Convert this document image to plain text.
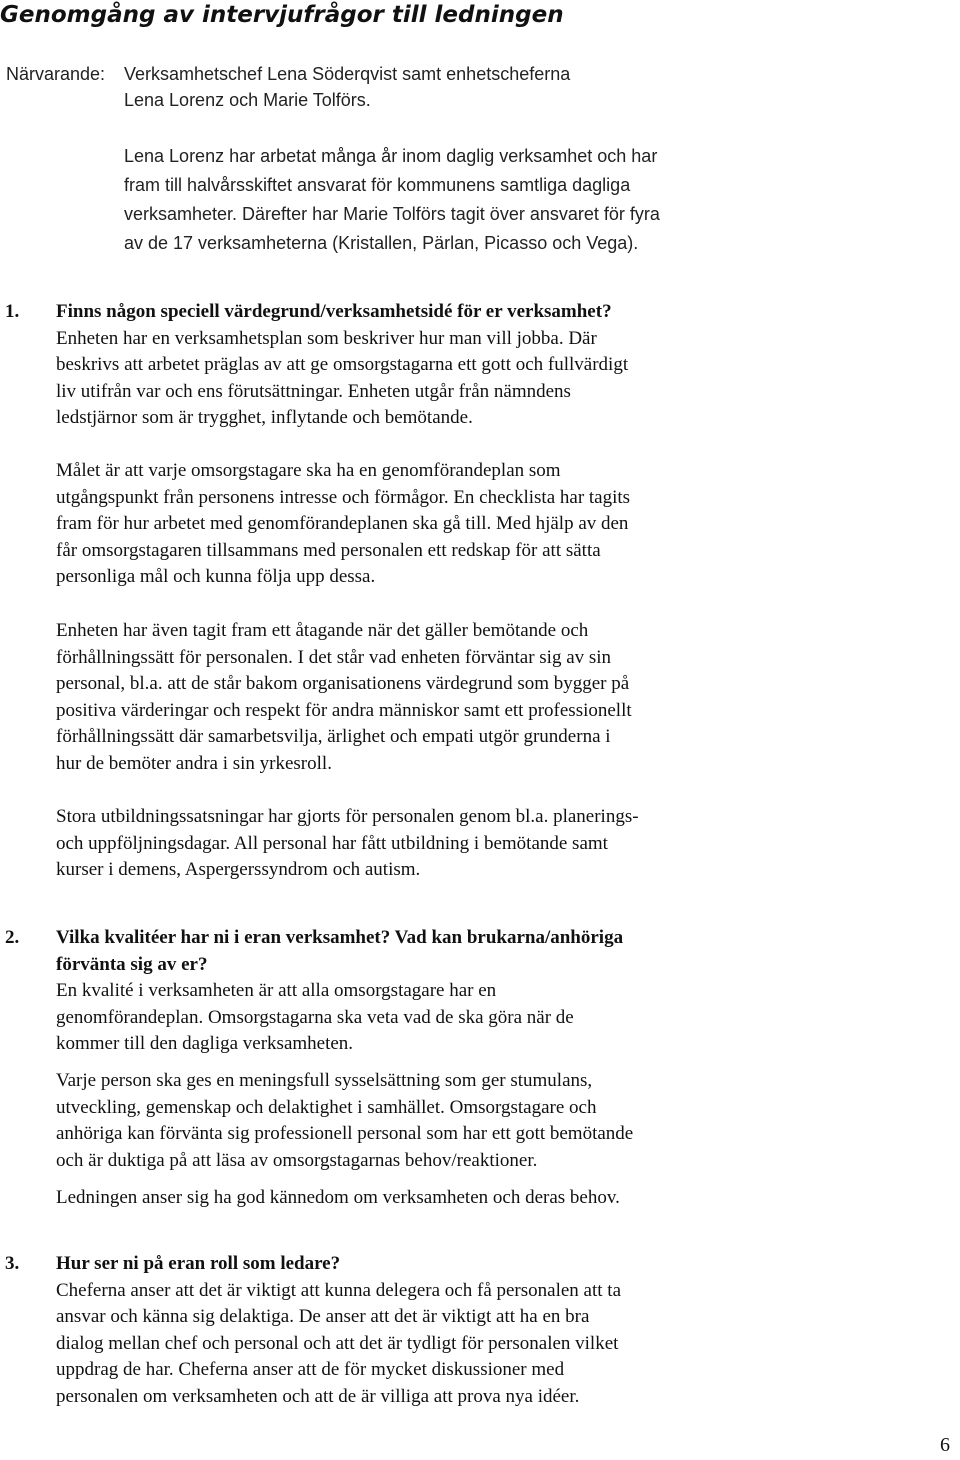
Genomgång av intervjufrågor till ledningen
Närvarande: Verksamhetschef Lena Söderqvist samt enhetscheferna
Lena Lorenz och Marie Tolförs.
Lena Lorenz har arbetat många år inom daglig verksamhet och har
fram till halvårsskiftet ansvarat för kommunens samtliga dagliga
verksamheter. Därefter har Marie Tolförs tagit över ansvaret för fyra
av de 17 verksamheterna (Kristallen, Pärlan, Picasso och Vega).
1. Finns någon speciell värdegrund/verksamhetsidé för er verksamhet?
Enheten har en verksamhetsplan som beskriver hur man vill jobba. Där
beskrivs att arbetet präglas av att ge omsorgstagarna ett gott och fullvärdigt
liv utifrån var och ens förutsättningar. Enheten utgår från nämndens
ledstjärnor som är trygghet, inflytande och bemötande.
Målet är att varje omsorgstagare ska ha en genomförandeplan som
utgångspunkt från personens intresse och förmågor. En checklista har tagits
fram för hur arbetet med genomförandeplanen ska gå till. Med hjälp av den
får omsorgstagaren tillsammans med personalen ett redskap för att sätta
personliga mål och kunna följa upp dessa.
Enheten har även tagit fram ett åtagande när det gäller bemötande och
förhållningssätt för personalen. I det står vad enheten förväntar sig av sin
personal, bl.a. att de står bakom organisationens värdegrund som bygger på
positiva värderingar och respekt för andra människor samt ett professionellt
förhållningssätt där samarbetsvilja, ärlighet och empati utgör grunderna i
hur de bemöter andra i sin yrkesroll.
Stora utbildningssatsningar har gjorts för personalen genom bl.a. planerings-
och uppföljningsdagar. All personal har fått utbildning i bemötande samt
kurser i demens, Aspergerssyndrom och autism.
2. Vilka kvalitéer har ni i eran verksamhet? Vad kan brukarna/anhöriga
förvänta sig av er?
En kvalité i verksamheten är att alla omsorgstagare har en
genomförandeplan. Omsorgstagarna ska veta vad de ska göra när de
kommer till den dagliga verksamheten.
Varje person ska ges en meningsfull sysselsättning som ger stumulans,
utveckling, gemenskap och delaktighet i samhället. Omsorgstagare och
anhöriga kan förvänta sig professionell personal som har ett gott bemötande
och är duktiga på att läsa av omsorgstagarnas behov/reaktioner.
Ledningen anser sig ha god kännedom om verksamheten och deras behov.
3. Hur ser ni på eran roll som ledare?
Cheferna anser att det är viktigt att kunna delegera och få personalen att ta
ansvar och känna sig delaktiga. De anser att det är viktigt att ha en bra
dialog mellan chef och personal och att det är tydligt för personalen vilket
uppdrag de har. Cheferna anser att de för mycket diskussioner med
personalen om verksamheten och att de är villiga att prova nya idéer.
6
